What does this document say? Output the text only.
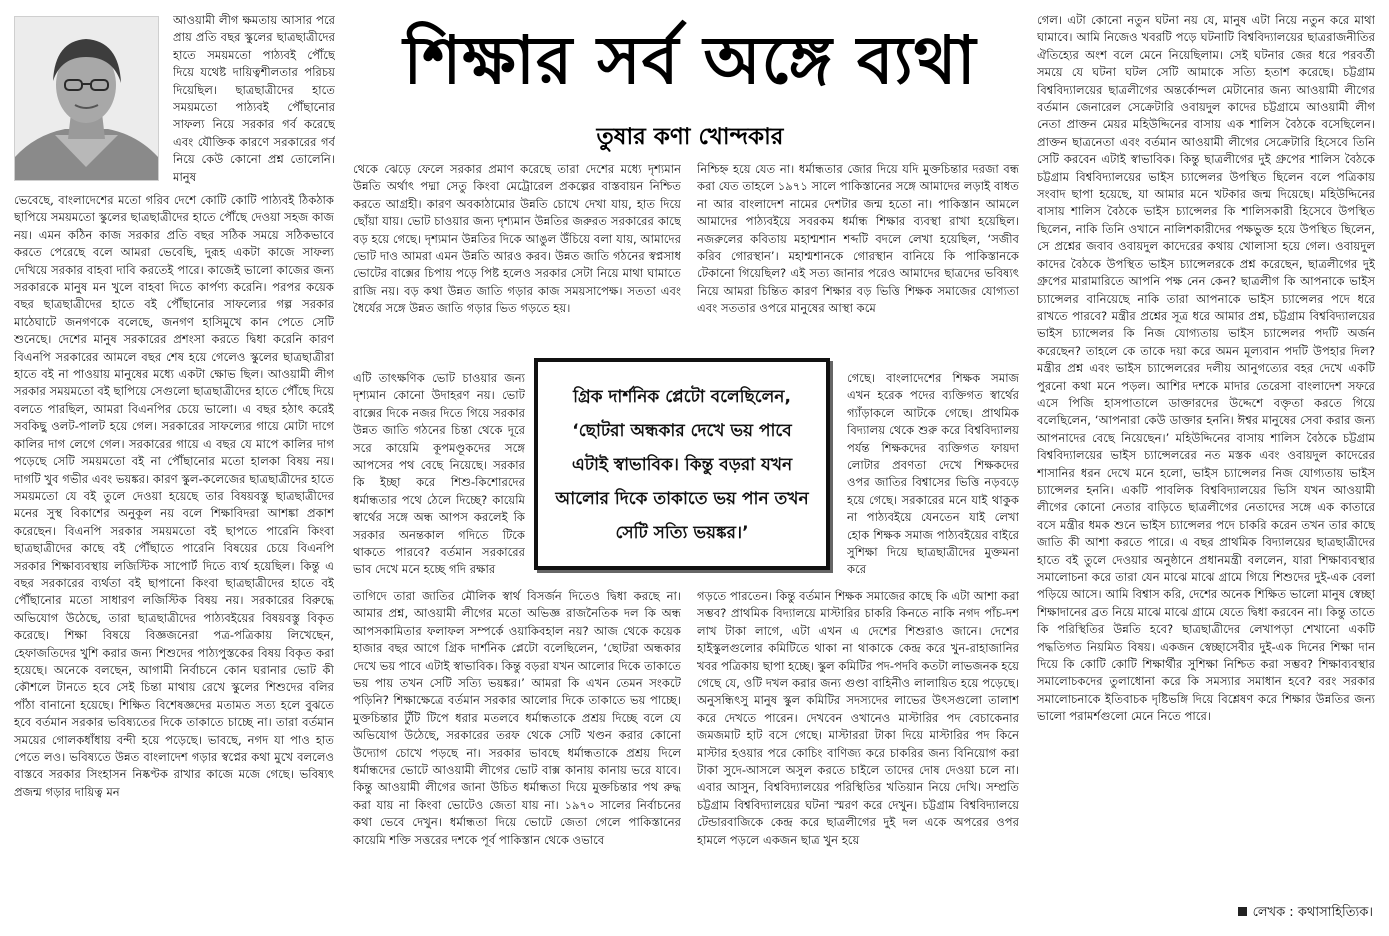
আওয়ামী লীগ ক্ষমতায় আসার পরে প্রায় প্রতি বছর স্কুলের ছাত্রছাত্রীদের হাতে সময়মতো পাঠ্যবই পৌঁছে দিয়ে যথেষ্ট দায়িত্বশীলতার পরিচয় দিয়েছিল। ছাত্রছাত্রীদের হাতে সময়মতো পাঠ্যবই পৌঁছানোর সাফল্য নিয়ে সরকার গর্ব করেছে এবং যৌক্তিক কারণে সরকারের গর্ব নিয়ে কেউ কোনো প্রশ্ন তোলেনি। মানুষ
শিক্ষার সর্ব অঙ্গে ব্যথা
তুষার কণা খোন্দকার
ভেবেছে, বাংলাদেশের মতো গরিব দেশে কোটি কোটি পাঠ্যবই ঠিকঠাক ছাপিয়ে সময়মতো স্কুলের ছাত্রছাত্রীদের হাতে পৌঁছে দেওয়া সহজ কাজ নয়। এমন কঠিন কাজ সরকার প্রতি বছর সঠিক সময়ে সঠিকভাবে করতে পেরেছে বলে আমরা ভেবেছি, দুরূহ একটা কাজে সাফল্য দেখিয়ে সরকার বাহবা দাবি করতেই পারে। কাজেই ভালো কাজের জন্য সরকারকে মানুষ মন খুলে বাহবা দিতে কার্পণ্য করেনি। পরপর কয়েক বছর ছাত্রছাত্রীদের হাতে বই পৌঁছানোর সাফল্যের গল্প সরকার মাঠেঘাটে জনগণকে বলেছে, জনগণ হাসিমুখে কান পেতে সেটি শুনেছে। দেশের মানুষ সরকারের প্রশংসা করতে দ্বিধা করেনি কারণ বিএনপি সরকারের আমলে বছর শেষ হয়ে গেলেও স্কুলের ছাত্রছাত্রীরা হাতে বই না পাওয়ায় মানুষের মধ্যে একটা ক্ষোভ ছিল। আওয়ামী লীগ সরকার সময়মতো বই ছাপিয়ে সেগুলো ছাত্রছাত্রীদের হাতে পৌঁছে দিয়ে বলতে পারছিল, আমরা বিএনপির চেয়ে ভালো। এ বছর হঠাৎ করেই সবকিছু ওলট-পালট হয়ে গেল। সরকারের সাফল্যের গায়ে মোটা দাগে কালির দাগ লেগে গেল। সরকারের গায়ে এ বছর যে মাপে কালির দাগ পড়েছে সেটি সময়মতো বই না পৌঁছানোর মতো হালকা বিষয় নয়। দাগটি খুব গভীর এবং ভয়ঙ্কর। কারণ স্কুল-কলেজের ছাত্রছাত্রীদের হাতে সময়মতো যে বই তুলে দেওয়া হয়েছে তার বিষয়বস্তু ছাত্রছাত্রীদের মনের সুস্থ বিকাশের অনুকূল নয় বলে শিক্ষাবিদরা আশঙ্কা প্রকাশ করেছেন। বিএনপি সরকার সময়মতো বই ছাপতে পারেনি কিংবা ছাত্রছাত্রীদের কাছে বই পৌঁছাতে পারেনি বিষয়ের চেয়ে বিএনপি সরকার শিক্ষাব্যবস্থায় লজিস্টিক সাপোর্ট দিতে ব্যর্থ হয়েছিল। কিন্তু এ বছর সরকারের ব্যর্থতা বই ছাপানো কিংবা ছাত্রছাত্রীদের হাতে বই পৌঁছানোর মতো সাধারণ লজিস্টিক বিষয় নয়। সরকারের বিরুদ্ধে অভিযোগ উঠেছে, তারা ছাত্রছাত্রীদের পাঠ্যবইয়ের বিষয়বস্তু বিকৃত করেছে। শিক্ষা বিষয়ে বিজ্ঞজনেরা পত্র-পত্রিকায় লিখেছেন, হেফাজতিদের খুশি করার জন্য শিশুদের পাঠ্যপুস্তকের বিষয় বিকৃত করা হয়েছে। অনেকে বলছেন, আগামী নির্বাচনে কোন ঘরানার ভোট কী কৌশলে টানতে হবে সেই চিন্তা মাথায় রেখে স্কুলের শিশুদের বলির পাঁঠা বানানো হয়েছে। শিক্ষিত বিশেষজ্ঞদের মতামত সত্য হলে বুঝতে হবে বর্তমান সরকার ভবিষ্যতের দিকে তাকাতে চাচ্ছে না। তারা বর্তমান সময়ের গোলকধাঁধায় বন্দী হয়ে পড়েছে। ভাবছে, নগদ যা পাও হাত পেতে লও। ভবিষ্যতে উন্নত বাংলাদেশ গড়ার স্বপ্নের কথা মুখে বললেও বাস্তবে সরকার সিংহাসন নিষ্কণ্টক রাখার কাজে মজে গেছে। ভবিষ্যৎ প্রজন্ম গড়ার দায়িত্ব মন
থেকে ঝেড়ে ফেলে সরকার প্রমাণ করেছে তারা দেশের মধ্যে দৃশ্যমান উন্নতি অর্থাৎ পদ্মা সেতু কিংবা মেট্রোরেল প্রকল্পের বাস্তবায়ন নিশ্চিত করতে আগ্রহী। কারণ অবকাঠামোর উন্নতি চোখে দেখা যায়, হাত দিয়ে ছোঁয়া যায়। ভোট চাওয়ার জন্য দৃশ্যমান উন্নতির জরুরত সরকারের কাছে বড় হয়ে গেছে। দৃশ্যমান উন্নতির দিকে আঙুল উঁচিয়ে বলা যায়, আমাদের ভোট দাও আমরা এমন উন্নতি আরও করব। উন্নত জাতি গঠনের স্বপ্নসাধ ভোটের বাক্সের চিপায় পড়ে পিষ্ট হলেও সরকার সেটা নিয়ে মাথা ঘামাতে রাজি নয়। বড় কথা উন্নত জাতি গড়ার কাজ সময়সাপেক্ষ। সততা এবং ধৈর্যের সঙ্গে উন্নত জাতি গড়ার ভিত গড়তে হয়।
এটি তাৎক্ষণিক ভোট চাওয়ার জন্য দৃশ্যমান কোনো উদাহরণ নয়। ভোট বাক্সের দিকে নজর দিতে গিয়ে সরকার উন্নত জাতি গঠনের চিন্তা থেকে দূরে সরে কায়েমি কূপমণ্ডূকদের সঙ্গে আপসের পথ বেছে নিয়েছে। সরকার কি ইচ্ছা করে শিশু-কিশোরদের ধর্মান্ধতার পথে ঠেলে দিচ্ছে? কায়েমি স্বার্থের সঙ্গে অন্ধ আপস করলেই কি সরকার অনন্তকাল গদিতে টিকে থাকতে পারবে? বর্তমান সরকারের ভাব দেখে মনে হচ্ছে গদি রক্ষার
তাগিদে তারা জাতির মৌলিক স্বার্থ বিসর্জন দিতেও দ্বিধা করছে না। আমার প্রশ্ন, আওয়ামী লীগের মতো অভিজ্ঞ রাজনৈতিক দল কি অন্ধ আপসকামিতার ফলাফল সম্পর্কে ওয়াকিবহাল নয়? আজ থেকে কয়েক হাজার বছর আগে গ্রিক দার্শনিক প্লেটো বলেছিলেন, ‘ছোটরা অন্ধকার দেখে ভয় পাবে এটাই স্বাভাবিক। কিন্তু বড়রা যখন আলোর দিকে তাকাতে ভয় পায় তখন সেটি সত্যি ভয়ঙ্কর।’ আমরা কি এখন তেমন সংকটে পড়িনি? শিক্ষাক্ষেত্রে বর্তমান সরকার আলোর দিকে তাকাতে ভয় পাচ্ছে। মুক্তচিন্তার টুঁটি টিপে ধরার মতলবে ধর্মান্ধতাকে প্রশ্রয় দিচ্ছে বলে যে অভিযোগ উঠেছে, সরকারের তরফ থেকে সেটি খণ্ডন করার কোনো উদ্যোগ চোখে পড়ছে না। সরকার ভাবছে ধর্মান্ধতাকে প্রশ্রয় দিলে ধর্মান্ধদের ভোটে আওয়ামী লীগের ভোট বাক্স কানায় কানায় ভরে যাবে। কিন্তু আওয়ামী লীগের জানা উচিত ধর্মান্ধতা দিয়ে মুক্তচিন্তার পথ রুদ্ধ করা যায় না কিংবা ভোটেও জেতা যায় না। ১৯৭০ সালের নির্বাচনের কথা ভেবে দেখুন। ধর্মান্ধতা দিয়ে ভোটে জেতা গেলে পাকিস্তানের কায়েমি শক্তি সত্তরের দশকে পূর্ব পাকিস্তান থেকে ওভাবে
নিশ্চিহ্ন হয়ে যেত না। ধর্মান্ধতার জোর দিয়ে যদি মুক্তচিন্তার দরজা বন্ধ করা যেত তাহলে ১৯৭১ সালে পাকিস্তানের সঙ্গে আমাদের লড়াই বাধত না আর বাংলাদেশ নামের দেশটার জন্ম হতো না। পাকিস্তান আমলে আমাদের পাঠ্যবইয়ে সবরকম ধর্মান্ধ শিক্ষার ব্যবস্থা রাখা হয়েছিল। নজরুলের কবিতায় মহাশ্মশান শব্দটি বদলে লেখা হয়েছিল, ‘সজীব করিব গোরস্থান’। মহাশ্মশানকে গোরস্থান বানিয়ে কি পাকিস্তানকে টেকানো গিয়েছিল? এই সত্য জানার পরেও আমাদের ছাত্রদের ভবিষ্যৎ নিয়ে আমরা চিন্তিত কারণ শিক্ষার বড় ভিত্তি শিক্ষক সমাজের যোগ্যতা এবং সততার ওপরে মানুষের আস্থা কমে
গেছে। বাংলাদেশের শিক্ষক সমাজ এখন হরেক পদের ব্যক্তিগত স্বার্থের গ্যাঁড়াকলে আটকে গেছে। প্রাথমিক বিদ্যালয় থেকে শুরু করে বিশ্ববিদ্যালয় পর্যন্ত শিক্ষকদের ব্যক্তিগত ফায়দা লোটার প্রবণতা দেখে শিক্ষকদের ওপর জাতির বিশ্বাসের ভিত্তি নড়বড়ে হয়ে গেছে। সরকারের মনে যাই থাকুক না পাঠ্যবইয়ে যেনতেন যাই লেখা হোক শিক্ষক সমাজ পাঠ্যবইয়ের বাইরে সুশিক্ষা দিয়ে ছাত্রছাত্রীদের মুক্তমনা করে
গড়তে পারতেন। কিন্তু বর্তমান শিক্ষক সমাজের কাছে কি এটা আশা করা সম্ভব? প্রাথমিক বিদ্যালয়ে মাস্টারির চাকরি কিনতে নাকি নগদ পাঁচ-দশ লাখ টাকা লাগে, এটা এখন এ দেশের শিশুরাও জানে। দেশের হাইস্কুলগুলোর কমিটিতে থাকা না থাকাকে কেন্দ্র করে খুন-রাহাজানির খবর পত্রিকায় ছাপা হচ্ছে। স্কুল কমিটির পদ-পদবি কতটা লাভজনক হয়ে গেছে যে, ওটি দখল করার জন্য গুণ্ডা বাহিনীও লালায়িত হয়ে পড়েছে। অনুসন্ধিৎসু মানুষ স্কুল কমিটির সদস্যদের লাভের উৎসগুলো তালাশ করে দেখতে পারেন। দেখবেন ওখানেও মাস্টারির পদ বেচাকেনার জমজমাট হাট বসে গেছে। মাস্টাররা টাকা দিয়ে মাস্টারির পদ কিনে মাস্টার হওয়ার পরে কোচিং বাণিজ্য করে চাকরির জন্য বিনিয়োগ করা টাকা সুদে-আসলে অসুল করতে চাইলে তাদের দোষ দেওয়া চলে না। এবার আসুন, বিশ্ববিদ্যালয়ের পরিস্থিতির খতিয়ান নিয়ে দেখি। সম্প্রতি চট্টগ্রাম বিশ্ববিদ্যালয়ের ঘটনা স্মরণ করে দেখুন। চট্টগ্রাম বিশ্ববিদ্যালয়ে টেন্ডারবাজিকে কেন্দ্র করে ছাত্রলীগের দুই দল একে অপরের ওপর হামলে পড়লে একজন ছাত্র খুন হয়ে
গেল। এটা কোনো নতুন ঘটনা নয় যে, মানুষ এটা নিয়ে নতুন করে মাথা ঘামাবে। আমি নিজেও খবরটি পড়ে ঘটনাটি বিশ্ববিদ্যালয়ের ছাত্ররাজনীতির ঐতিহ্যের অংশ বলে মেনে নিয়েছিলাম। সেই ঘটনার জের ধরে পরবর্তী সময়ে যে ঘটনা ঘটল সেটি আমাকে সত্যি হতাশ করেছে। চট্টগ্রাম বিশ্ববিদ্যালয়ের ছাত্রলীগের অন্তর্কোন্দল মেটানোর জন্য আওয়ামী লীগের বর্তমান জেনারেল সেক্রেটারি ওবায়দুল কাদের চট্টগ্রামে আওয়ামী লীগ নেতা প্রাক্তন মেয়র মহিউদ্দিনের বাসায় এক শালিস বৈঠকে বসেছিলেন। প্রাক্তন ছাত্রনেতা এবং বর্তমান আওয়ামী লীগের সেক্রেটারি হিসেবে তিনি সেটি করবেন এটাই স্বাভাবিক। কিন্তু ছাত্রলীগের দুই গ্রুপের শালিস বৈঠকে চট্টগ্রাম বিশ্ববিদ্যালয়ের ভাইস চ্যান্সেলর উপস্থিত ছিলেন বলে পত্রিকায় সংবাদ ছাপা হয়েছে, যা আমার মনে খটকার জন্ম দিয়েছে। মহিউদ্দিনের বাসায় শালিস বৈঠকে ভাইস চ্যান্সেলর কি শালিসকারী হিসেবে উপস্থিত ছিলেন, নাকি তিনি ওখানে নালিশকারীদের পক্ষভুক্ত হয়ে উপস্থিত ছিলেন, সে প্রশ্নের জবাব ওবায়দুল কাদেরের কথায় খোলাসা হয়ে গেল। ওবায়দুল কাদের বৈঠকে উপস্থিত ভাইস চ্যান্সেলরকে প্রশ্ন করেছেন, ছাত্রলীগের দুই গ্রুপের মারামারিতে আপনি পক্ষ নেন কেন? ছাত্রলীগ কি আপনাকে ভাইস চ্যান্সেলর বানিয়েছে নাকি তারা আপনাকে ভাইস চ্যান্সেলর পদে ধরে রাখতে পারবে? মন্ত্রীর প্রশ্নের সূত্র ধরে আমার প্রশ্ন, চট্টগ্রাম বিশ্ববিদ্যালয়ের ভাইস চ্যান্সেলর কি নিজ যোগ্যতায় ভাইস চ্যান্সেলর পদটি অর্জন করেছেন? তাহলে কে তাকে দয়া করে অমন মূল্যবান পদটি উপহার দিল? মন্ত্রীর প্রশ্ন এবং ভাইস চ্যান্সেলরের দলীয় আনুগত্যের বহর দেখে একটি পুরনো কথা মনে পড়ল। আশির দশকে মাদার তেরেসা বাংলাদেশ সফরে এসে পিজি হাসপাতালে ডাক্তারদের উদ্দেশে বক্তৃতা করতে গিয়ে বলেছিলেন, ‘আপনারা কেউ ডাক্তার হননি। ঈশ্বর মানুষের সেবা করার জন্য আপনাদের বেছে নিয়েছেন।’ মহিউদ্দিনের বাসায় শালিস বৈঠকে চট্টগ্রাম বিশ্ববিদ্যালয়ের ভাইস চ্যান্সেলরের নত মস্তক এবং ওবায়দুল কাদেরের শাসানির ধরন দেখে মনে হলো, ভাইস চ্যান্সেলর নিজ যোগ্যতায় ভাইস চ্যান্সেলর হননি। একটি পাবলিক বিশ্ববিদ্যালয়ের ভিসি যখন আওয়ামী লীগের কোনো নেতার বাড়িতে ছাত্রলীগের নেতাদের সঙ্গে এক কাতারে বসে মন্ত্রীর ধমক শুনে ভাইস চ্যান্সেলর পদে চাকরি করেন তখন তার কাছে জাতি কী আশা করতে পারে। এ বছর প্রাথমিক বিদ্যালয়ের ছাত্রছাত্রীদের হাতে বই তুলে দেওয়ার অনুষ্ঠানে প্রধানমন্ত্রী বললেন, যারা শিক্ষাব্যবস্থার সমালোচনা করে তারা যেন মাঝে মাঝে গ্রামে গিয়ে শিশুদের দুই-এক বেলা পড়িয়ে আসে। আমি বিশ্বাস করি, দেশের অনেক শিক্ষিত ভালো মানুষ স্বেচ্ছা শিক্ষাদানের ব্রত নিয়ে মাঝে মাঝে গ্রামে যেতে দ্বিধা করবেন না। কিন্তু তাতে কি পরিস্থিতির উন্নতি হবে? ছাত্রছাত্রীদের লেখাপড়া শেখানো একটি পদ্ধতিগত নিয়মিত বিষয়। একজন স্বেচ্ছাসেবীর দুই-এক দিনের শিক্ষা দান দিয়ে কি কোটি কোটি শিক্ষার্থীর সুশিক্ষা নিশ্চিত করা সম্ভব? শিক্ষাব্যবস্থার সমালোচকদের তুলাধোনা করে কি সমস্যার সমাধান হবে? বরং সরকার সমালোচনাকে ইতিবাচক দৃষ্টিভঙ্গি দিয়ে বিশ্লেষণ করে শিক্ষার উন্নতির জন্য ভালো পরামর্শগুলো মেনে নিতে পারে।
গ্রিক দার্শনিক প্লেটো বলেছিলেন, ‘ছোটরা অন্ধকার দেখে ভয় পাবে এটাই স্বাভাবিক। কিন্তু বড়রা যখন আলোর দিকে তাকাতে ভয় পান তখন সেটি সত্যি ভয়ঙ্কর।’
লেখক : কথাসাহিত্যিক।
